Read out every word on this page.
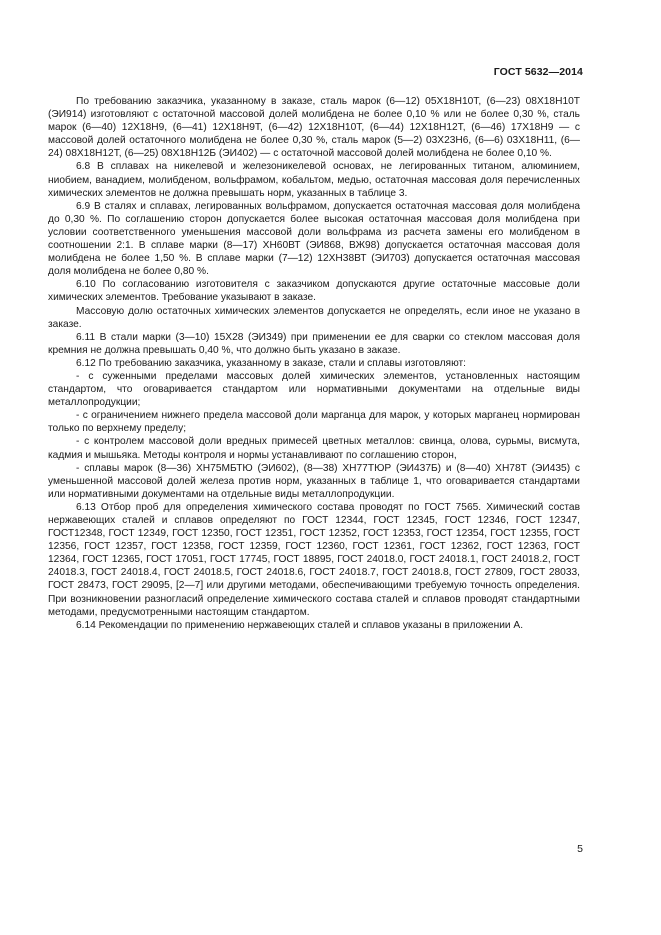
ГОСТ 5632—2014

По требованию заказчика, указанному в заказе, сталь марок (6—12) 05Х18Н10Т, (6—23) 08Х18Н10Т (ЭИ914) изготовляют с остаточной массовой долей молибдена не более 0,10 % или не более 0,30 %, сталь марок (6—40) 12Х18Н9, (6—41) 12Х18Н9Т, (6—42) 12Х18Н10Т, (6—44) 12Х18Н12Т, (6—46) 17Х18Н9 — с массовой долей остаточного молибдена не более 0,30 %, сталь марок (5—2) 03Х23Н6, (6—6) 03Х18Н11, (6—24) 08Х18Н12Т, (6—25) 08Х18Н12Б (ЭИ402) — с остаточной массовой долей молибдена не более 0,10 %.

6.8 В сплавах на никелевой и железоникелевой основах, не легированных титаном, алюминием, ниобием, ванадием, молибденом, вольфрамом, кобальтом, медью, остаточная массовая доля перечисленных химических элементов не должна превышать норм, указанных в таблице 3.

6.9 В сталях и сплавах, легированных вольфрамом, допускается остаточная массовая доля молибдена до 0,30 %. По соглашению сторон допускается более высокая остаточная массовая доля молибдена при условии соответственного уменьшения массовой доли вольфрама из расчета замены его молибденом в соотношении 2:1. В сплаве марки (8—17) ХН60ВТ (ЭИ868, ВЖ98) допускается остаточная массовая доля молибдена не более 1,50 %. В сплаве марки (7—12) 12ХН38ВТ (ЭИ703) допускается остаточная массовая доля молибдена не более 0,80 %.

6.10 По согласованию изготовителя с заказчиком допускаются другие остаточные массовые доли химических элементов. Требование указывают в заказе.

Массовую долю остаточных химических элементов допускается не определять, если иное не указано в заказе.

6.11 В стали марки (3—10) 15Х28 (ЭИ349) при применении ее для сварки со стеклом массовая доля кремния не должна превышать 0,40 %, что должно быть указано в заказе.

6.12 По требованию заказчика, указанному в заказе, стали и сплавы изготовляют:

- с суженными пределами массовых долей химических элементов, установленных настоящим стандартом, что оговаривается стандартом или нормативными документами на отдельные виды металлопродукции;

- с ограничением нижнего предела массовой доли марганца для марок, у которых марганец нормирован только по верхнему пределу;

- с контролем массовой доли вредных примесей цветных металлов: свинца, олова, сурьмы, висмута, кадмия и мышьяка. Методы контроля и нормы устанавливают по соглашению сторон,

- сплавы марок (8—36) ХН75МБТЮ (ЭИ602), (8—38) ХН77ТЮР (ЭИ437Б) и (8—40) ХН78Т (ЭИ435) с уменьшенной массовой долей железа против норм, указанных в таблице 1, что оговаривается стандартами или нормативными документами на отдельные виды металлопродукции.

6.13 Отбор проб для определения химического состава проводят по ГОСТ 7565. Химический состав нержавеющих сталей и сплавов определяют по ГОСТ 12344, ГОСТ 12345, ГОСТ 12346, ГОСТ 12347, ГОСТ12348, ГОСТ 12349, ГОСТ 12350, ГОСТ 12351, ГОСТ 12352, ГОСТ 12353, ГОСТ 12354, ГОСТ 12355, ГОСТ 12356, ГОСТ 12357, ГОСТ 12358, ГОСТ 12359, ГОСТ 12360, ГОСТ 12361, ГОСТ 12362, ГОСТ 12363, ГОСТ 12364, ГОСТ 12365, ГОСТ 17051, ГОСТ 17745, ГОСТ 18895, ГОСТ 24018.0, ГОСТ 24018.1, ГОСТ 24018.2, ГОСТ 24018.3, ГОСТ 24018.4, ГОСТ 24018.5, ГОСТ 24018.6, ГОСТ 24018.7, ГОСТ 24018.8, ГОСТ 27809, ГОСТ 28033, ГОСТ 28473, ГОСТ 29095, [2—7] или другими методами, обеспечивающими требуемую точность определения. При возникновении разногласий определение химического состава сталей и сплавов проводят стандартными методами, предусмотренными настоящим стандартом.

6.14 Рекомендации по применению нержавеющих сталей и сплавов указаны в приложении А.

5
